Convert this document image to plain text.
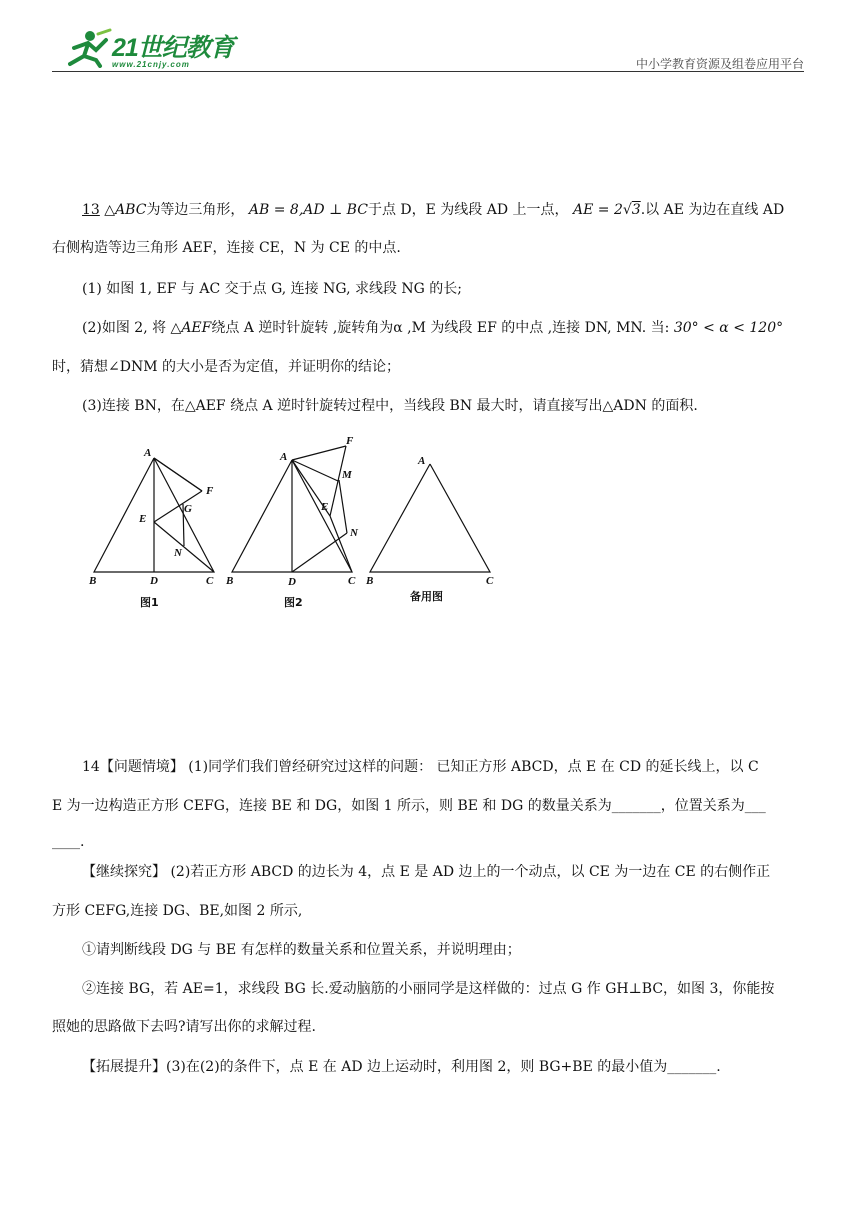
21世纪教育
www.21cnjy.com	中小学教育资源及组卷应用平台
13 △ABC为等边三角形， AB = 8,AD ⊥ BC于点 D，E 为线段 AD 上一点， AE = 2√3.以 AE 为边在直线 AD
右侧构造等边三角形 AEF，连接 CE，N 为 CE 的中点.
(1) 如图 1, EF 与 AC 交于点 G, 连接 NG, 求线段 NG 的长;
(2)如图 2, 将 △AEF绕点 A 逆时针旋转 ,旋转角为α ,M 为线段 EF 的中点 ,连接 DN, MN. 当: 30° < α < 120°
时，猜想∠DNM 的大小是否为定值，并证明你的结论；
(3)连接 BN，在△AEF 绕点 A 逆时针旋转过程中，当线段 BN 最大时，请直接写出△ADN 的面积.
A
B	D	C
E
F
G
N
图1
A
B	D	C
E
F
M
N
图2
A
B	C
备用图
14【问题情境】 (1)同学们我们曾经研究过这样的问题： 已知正方形 ABCD，点 E 在 CD 的延长线上，以 C
E 为一边构造正方形 CEFG，连接 BE 和 DG，如图 1 所示，则 BE 和 DG 的数量关系为_______，位置关系为___
____.
【继续探究】 (2)若正方形 ABCD 的边长为 4，点 E 是 AD 边上的一个动点，以 CE 为一边在 CE 的右侧作正
方形 CEFG,连接 DG、BE,如图 2 所示,
①请判断线段 DG 与 BE 有怎样的数量关系和位置关系，并说明理由；
②连接 BG，若 AE=1，求线段 BG 长.爱动脑筋的小丽同学是这样做的：过点 G 作 GH⊥BC，如图 3，你能按
照她的思路做下去吗?请写出你的求解过程.
【拓展提升】(3)在(2)的条件下，点 E 在 AD 边上运动时，利用图 2，则 BG+BE 的最小值为_______.
